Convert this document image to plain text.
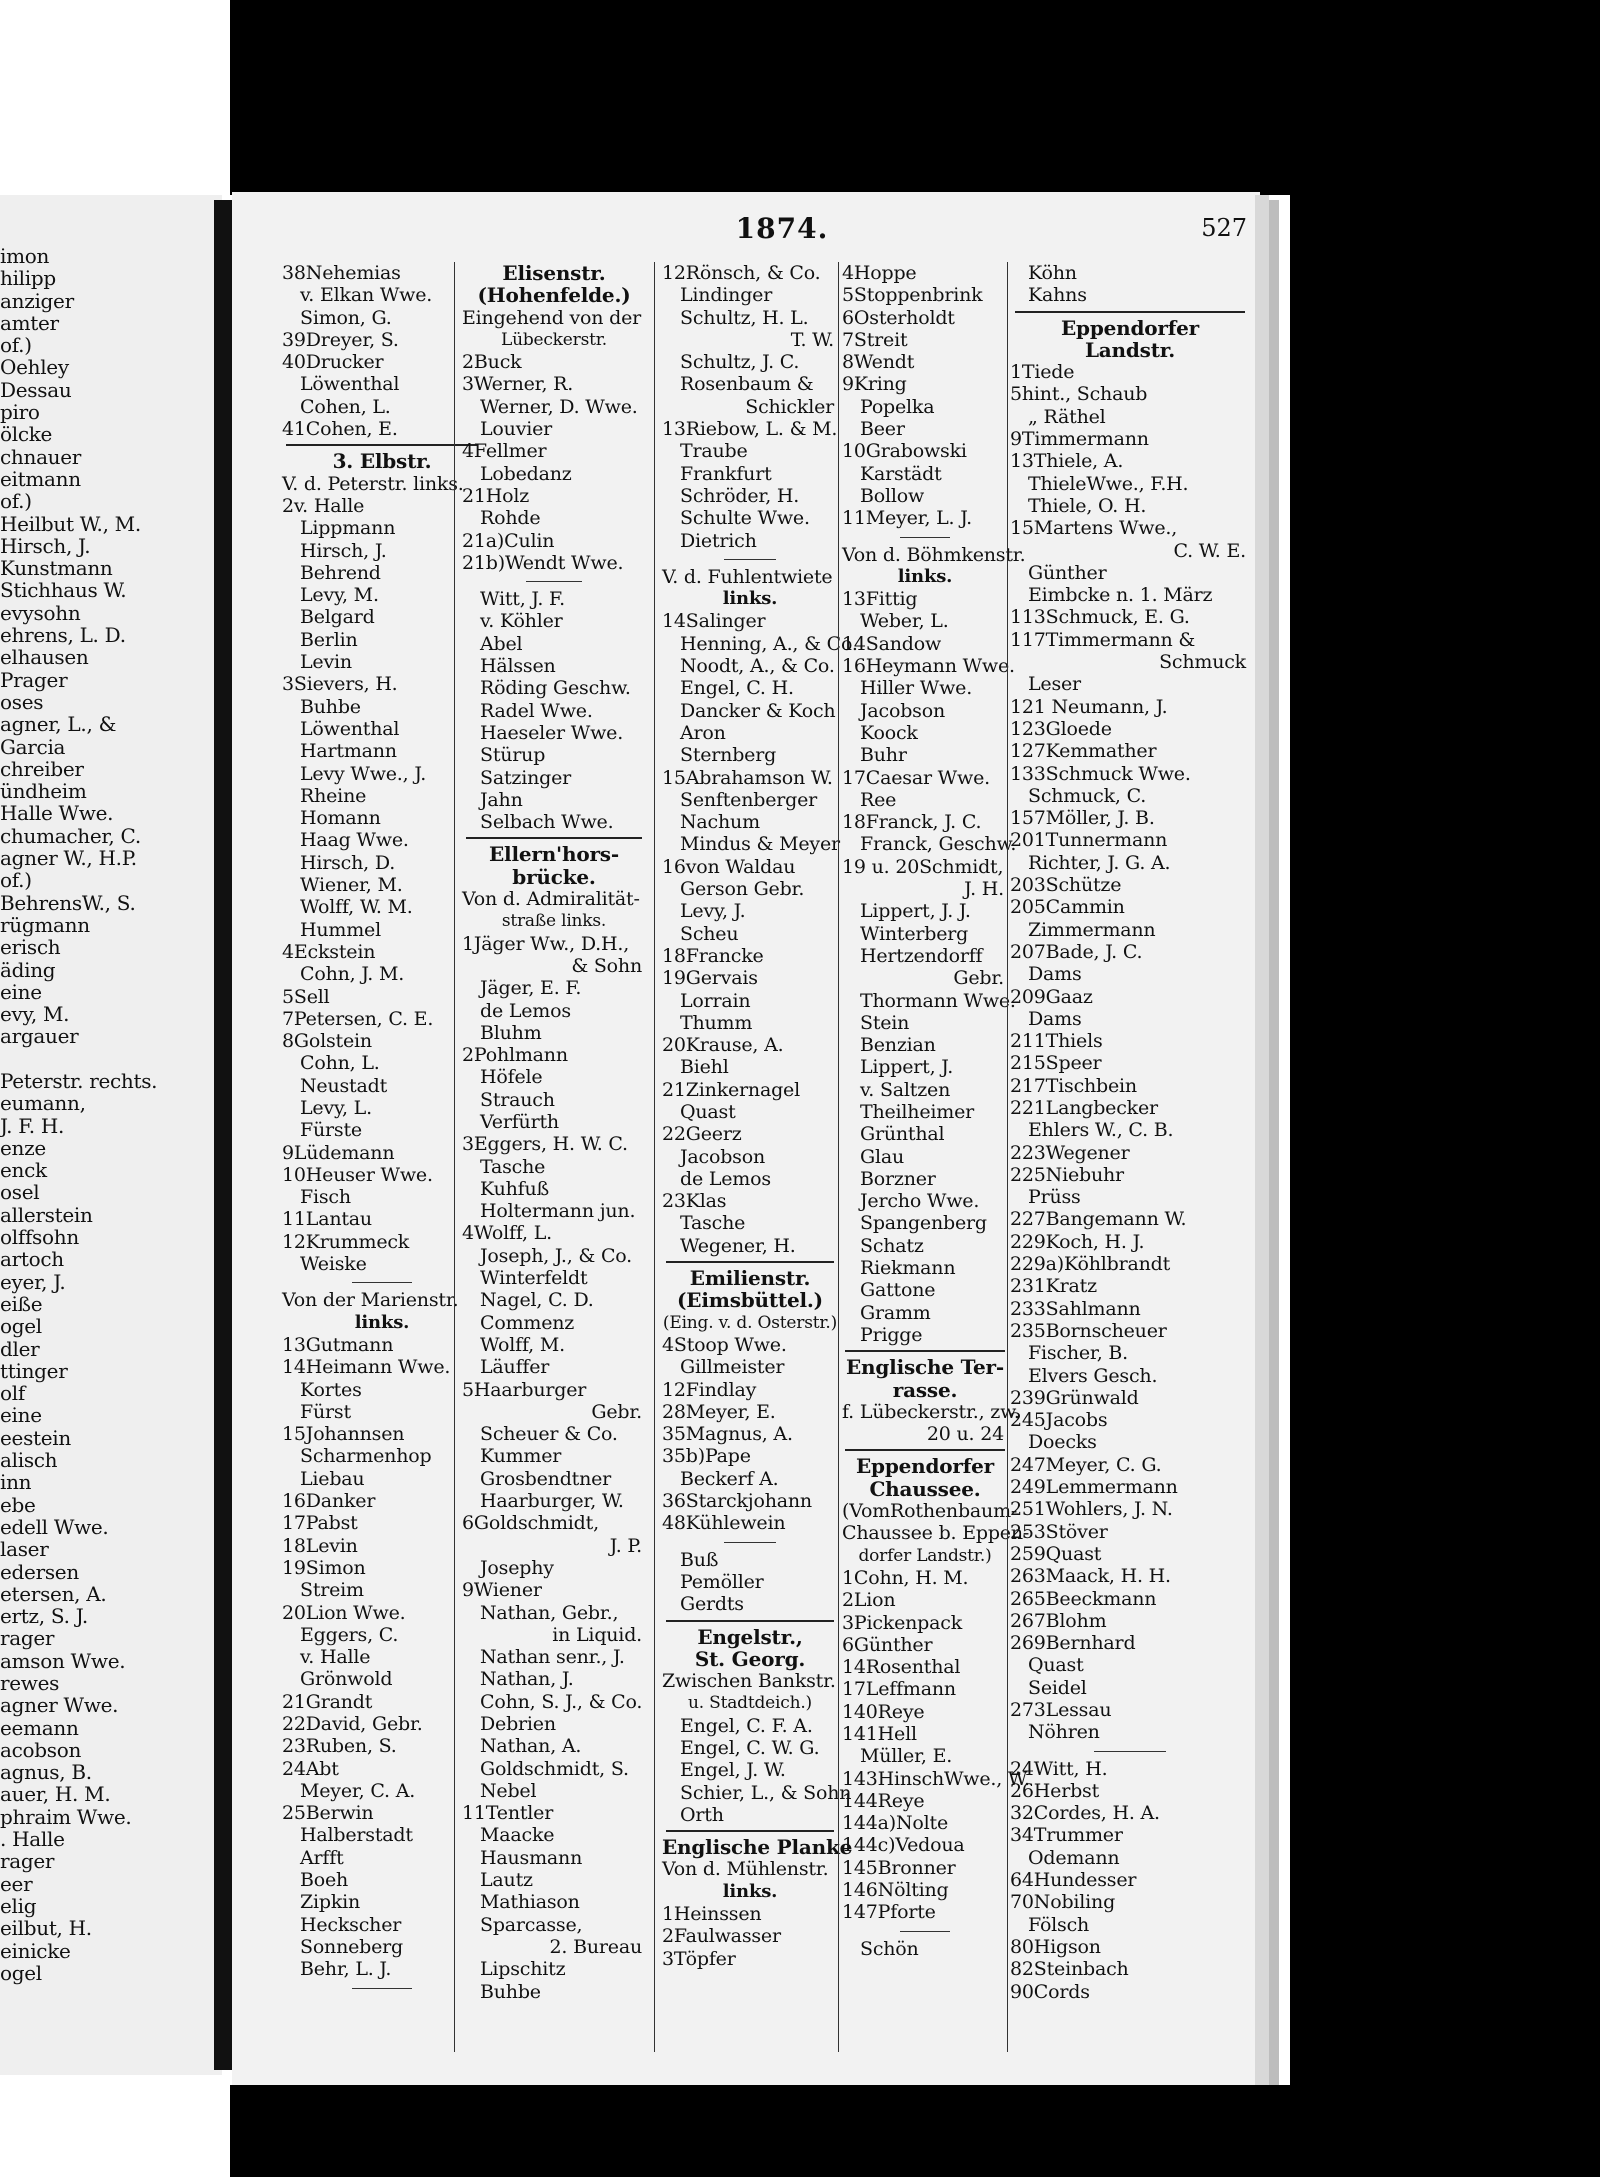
imon
hilipp
anziger
amter
of.)
Oehley
Dessau
piro
ölcke
chnauer
eitmann
of.)
Heilbut W., M.
Hirsch, J.
Kunstmann
Stichhaus W.
evysohn
ehrens, L. D.
elhausen
Prager
oses
agner, L., &
Garcia
chreiber
ündheim
Halle Wwe.
chumacher, C.
agner W., H.P.
of.)
BehrensW., S.
rügmann
erisch
äding
eine
evy, M.
argauer
Peterstr. rechts.
eumann,
J. F. H.
enze
enck
osel
allerstein
olffsohn
artoch
eyer, J.
eiße
ogel
dler
ttinger
olf
eine
eestein
alisch
inn
ebe
edell Wwe.
laser
edersen
etersen, A.
ertz, S. J.
rager
amson Wwe.
rewes
agner Wwe.
eemann
acobson
agnus, B.
auer, H. M.
phraim Wwe.
. Halle
rager
eer
elig
eilbut, H.
einicke
ogel
1874.	527
38Nehemias
v. Elkan Wwe.
Simon, G.
39Dreyer, S.
40Drucker
Löwenthal
Cohen, L.
41Cohen, E.
3. Elbstr.
V. d. Peterstr. links.
2v. Halle
Lippmann
Hirsch, J.
Behrend
Levy, M.
Belgard
Berlin
Levin
3Sievers, H.
Buhbe
Löwenthal
Hartmann
Levy Wwe., J.
Rheine
Homann
Haag Wwe.
Hirsch, D.
Wiener, M.
Wolff, W. M.
Hummel
4Eckstein
Cohn, J. M.
5Sell
7Petersen, C. E.
8Golstein
Cohn, L.
Neustadt
Levy, L.
Fürste
9Lüdemann
10Heuser Wwe.
Fisch
11Lantau
12Krummeck
Weiske
Von der Marienstr.
links.
13Gutmann
14Heimann Wwe.
Kortes
Fürst
15Johannsen
Scharmenhop
Liebau
16Danker
17Pabst
18Levin
19Simon
Streim
20Lion Wwe.
Eggers, C.
v. Halle
Grönwold
21Grandt
22David, Gebr.
23Ruben, S.
24Abt
Meyer, C. A.
25Berwin
Halberstadt
Arfft
Boeh
Zipkin
Heckscher
Sonneberg
Behr, L. J.
Elisenstr.
(Hohenfelde.)
Eingehend von der
Lübeckerstr.
2Buck
3Werner, R.
Werner, D. Wwe.
Louvier
4Fellmer
Lobedanz
21Holz
Rohde
21a)Culin
21b)Wendt Wwe.
Witt, J. F.
v. Köhler
Abel
Hälssen
Röding Geschw.
Radel Wwe.
Haeseler Wwe.
Stürup
Satzinger
Jahn
Selbach Wwe.
Ellern'hors-
brücke.
Von d. Admiralität-
straße links.
1Jäger Ww., D.H.,
& Sohn
Jäger, E. F.
de Lemos
Bluhm
2Pohlmann
Höfele
Strauch
Verfürth
3Eggers, H. W. C.
Tasche
Kuhfuß
Holtermann jun.
4Wolff, L.
Joseph, J., & Co.
Winterfeldt
Nagel, C. D.
Commenz
Wolff, M.
Läuffer
5Haarburger
Gebr.
Scheuer & Co.
Kummer
Grosbendtner
Haarburger, W.
6Goldschmidt,
J. P.
Josephy
9Wiener
Nathan, Gebr.,
in Liquid.
Nathan senr., J.
Nathan, J.
Cohn, S. J., & Co.
Debrien
Nathan, A.
Goldschmidt, S.
Nebel
11Tentler
Maacke
Hausmann
Lautz
Mathiason
Sparcasse,
2. Bureau
Lipschitz
Buhbe
12Rönsch, & Co.
Lindinger
Schultz, H. L.
T. W.
Schultz, J. C.
Rosenbaum &
Schickler
13Riebow, L. & M.
Traube
Frankfurt
Schröder, H.
Schulte Wwe.
Dietrich
V. d. Fuhlentwiete
links.
14Salinger
Henning, A., & Co.
Noodt, A., & Co.
Engel, C. H.
Dancker & Koch
Aron
Sternberg
15Abrahamson W.
Senftenberger
Nachum
Mindus & Meyer
16von Waldau
Gerson Gebr.
Levy, J.
Scheu
18Francke
19Gervais
Lorrain
Thumm
20Krause, A.
Biehl
21Zinkernagel
Quast
22Geerz
Jacobson
de Lemos
23Klas
Tasche
Wegener, H.
Emilienstr.
(Eimsbüttel.)
(Eing. v. d. Osterstr.)
4Stoop Wwe.
Gillmeister
12Findlay
28Meyer, E.
35Magnus, A.
35b)Pape
Beckerf A.
36Starckjohann
48Kühlewein
Buß
Pemöller
Gerdts
Engelstr.,
St. Georg.
Zwischen Bankstr.
u. Stadtdeich.)
Engel, C. F. A.
Engel, C. W. G.
Engel, J. W.
Schier, L., & Sohn
Orth
Englische Planke
Von d. Mühlenstr.
links.
1Heinssen
2Faulwasser
3Töpfer
4Hoppe
5Stoppenbrink
6Osterholdt
7Streit
8Wendt
9Kring
Popelka
Beer
10Grabowski
Karstädt
Bollow
11Meyer, L. J.
Von d. Böhmkenstr.
links.
13Fittig
Weber, L.
14Sandow
16Heymann Wwe.
Hiller Wwe.
Jacobson
Koock
Buhr
17Caesar Wwe.
Ree
18Franck, J. C.
Franck, Geschw.
19 u. 20Schmidt,
J. H.
Lippert, J. J.
Winterberg
Hertzendorff
Gebr.
Thormann Wwe.
Stein
Benzian
Lippert, J.
v. Saltzen
Theilheimer
Grünthal
Glau
Borzner
Jercho Wwe.
Spangenberg
Schatz
Riekmann
Gattone
Gramm
Prigge
Englische Ter-
rasse.
f. Lübeckerstr., zw.
20 u. 24
Eppendorfer
Chaussee.
(VomRothenbaum-
Chaussee b. Eppen-
dorfer Landstr.)
1Cohn, H. M.
2Lion
3Pickenpack
6Günther
14Rosenthal
17Leffmann
140Reye
141Hell
Müller, E.
143HinschWwe., W.
144Reye
144a)Nolte
144c)Vedoua
145Bronner
146Nölting
147Pforte
Schön
Köhn
Kahns
Eppendorfer
Landstr.
1Tiede
5hint., Schaub
„ Räthel
9Timmermann
13Thiele, A.
ThieleWwe., F.H.
Thiele, O. H.
15Martens Wwe.,
C. W. E.
Günther
Eimbcke n. 1. März
113Schmuck, E. G.
117Timmermann &
Schmuck
Leser
121 Neumann, J.
123Gloede
127Kemmather
133Schmuck Wwe.
Schmuck, C.
157Möller, J. B.
201Tunnermann
Richter, J. G. A.
203Schütze
205Cammin
Zimmermann
207Bade, J. C.
Dams
209Gaaz
Dams
211Thiels
215Speer
217Tischbein
221Langbecker
Ehlers W., C. B.
223Wegener
225Niebuhr
Prüss
227Bangemann W.
229Koch, H. J.
229a)Köhlbrandt
231Kratz
233Sahlmann
235Bornscheuer
Fischer, B.
Elvers Gesch.
239Grünwald
245Jacobs
Doecks
247Meyer, C. G.
249Lemmermann
251Wohlers, J. N.
253Stöver
259Quast
263Maack, H. H.
265Beeckmann
267Blohm
269Bernhard
Quast
Seidel
273Lessau
Nöhren
24Witt, H.
26Herbst
32Cordes, H. A.
34Trummer
Odemann
64Hundesser
70Nobiling
Fölsch
80Higson
82Steinbach
90Cords
